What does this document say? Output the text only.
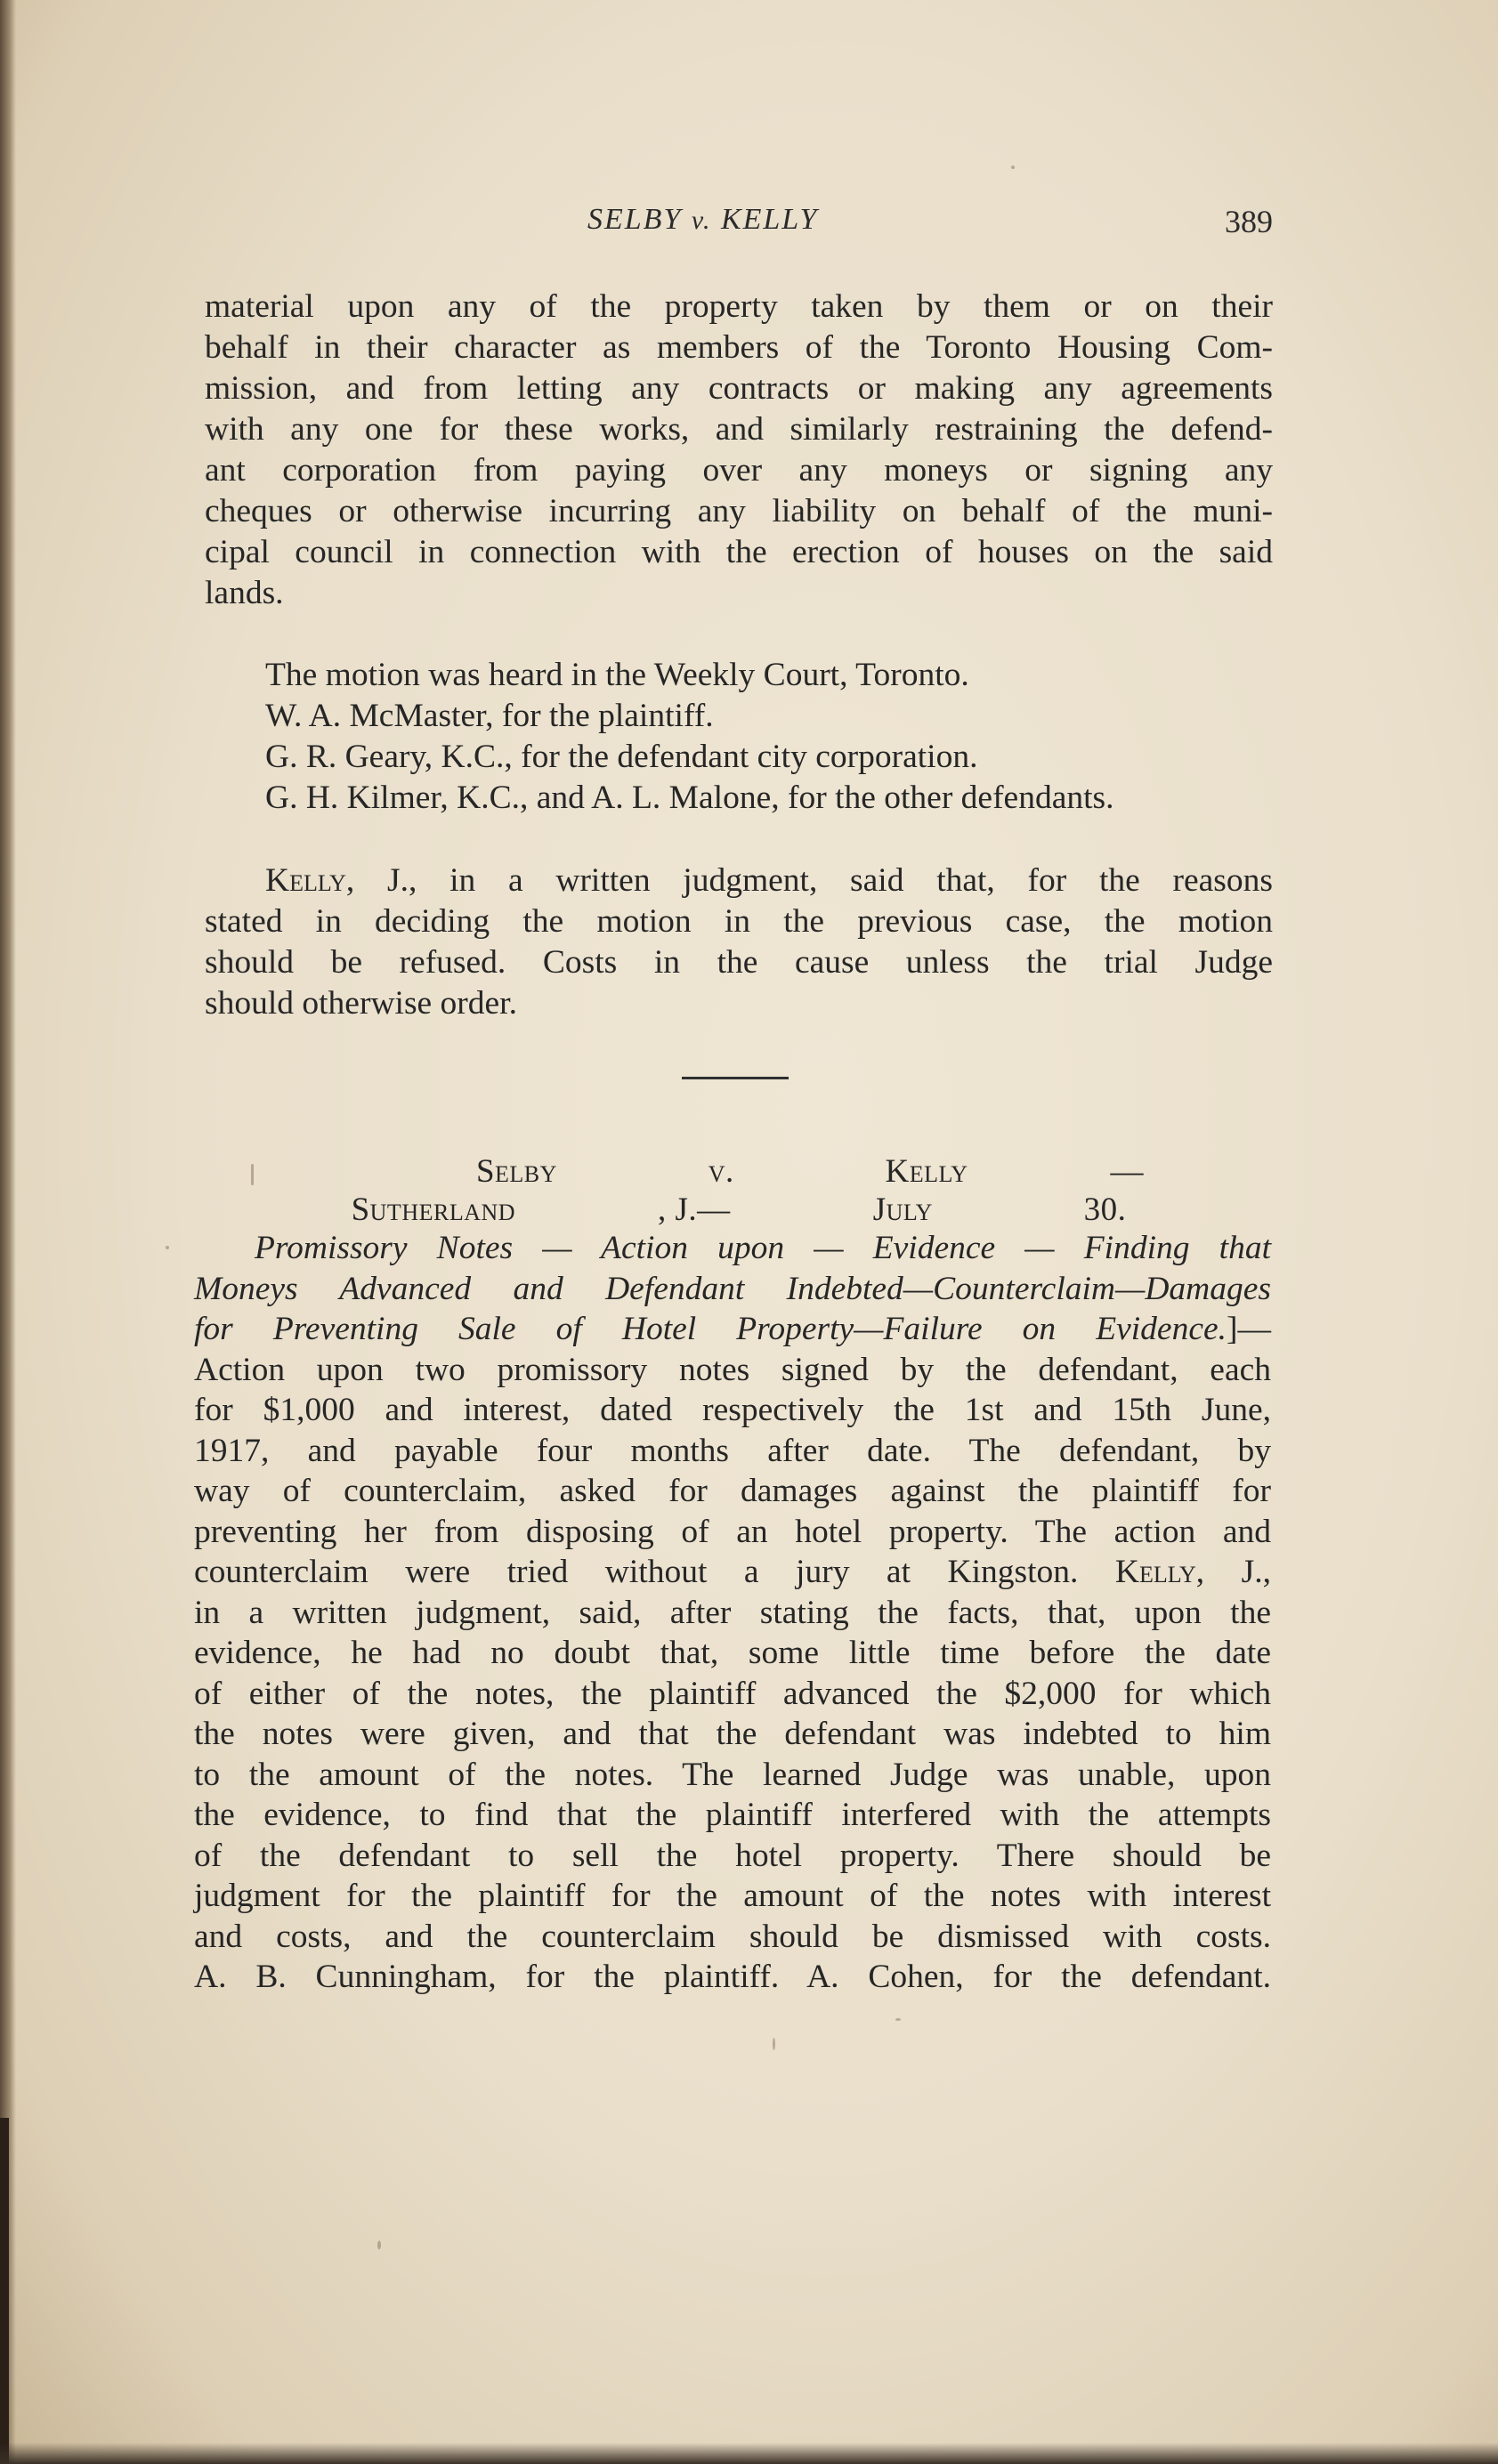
SELBY v. KELLY	389
material upon any of the property taken by them or on their
behalf in their character as members of the Toronto Housing Com-
mission, and from letting any contracts or making any agreements
with any one for these works, and similarly restraining the defend-
ant corporation from paying over any moneys or signing any
cheques or otherwise incurring any liability on behalf of the muni-
cipal council in connection with the erection of houses on the said
lands.
The motion was heard in the Weekly Court, Toronto.
W. A. McMaster, for the plaintiff.
G. R. Geary, K.C., for the defendant city corporation.
G. H. Kilmer, K.C., and A. L. Malone, for the other defendants.
Kelly, J., in a written judgment, said that, for the reasons
stated in deciding the motion in the previous case, the motion
should be refused. Costs in the cause unless the trial Judge
should otherwise order.
Selby	v.	Kelly	—Sutherland	, J.—	July	30.
Promissory Notes — Action upon — Evidence — Finding that
Moneys Advanced and Defendant Indebted—Counterclaim—Damages
for Preventing Sale of Hotel Property—Failure on Evidence.]—
Action upon two promissory notes signed by the defendant, each
for $1,000 and interest, dated respectively the 1st and 15th June,
1917, and payable four months after date. The defendant, by
way of counterclaim, asked for damages against the plaintiff for
preventing her from disposing of an hotel property. The action and
counterclaim were tried without a jury at Kingston. Kelly, J.,
in a written judgment, said, after stating the facts, that, upon the
evidence, he had no doubt that, some little time before the date
of either of the notes, the plaintiff advanced the $2,000 for which
the notes were given, and that the defendant was indebted to him
to the amount of the notes. The learned Judge was unable, upon
the evidence, to find that the plaintiff interfered with the attempts
of the defendant to sell the hotel property. There should be
judgment for the plaintiff for the amount of the notes with interest
and costs, and the counterclaim should be dismissed with costs.
A. B. Cunningham, for the plaintiff. A. Cohen, for the defendant.
